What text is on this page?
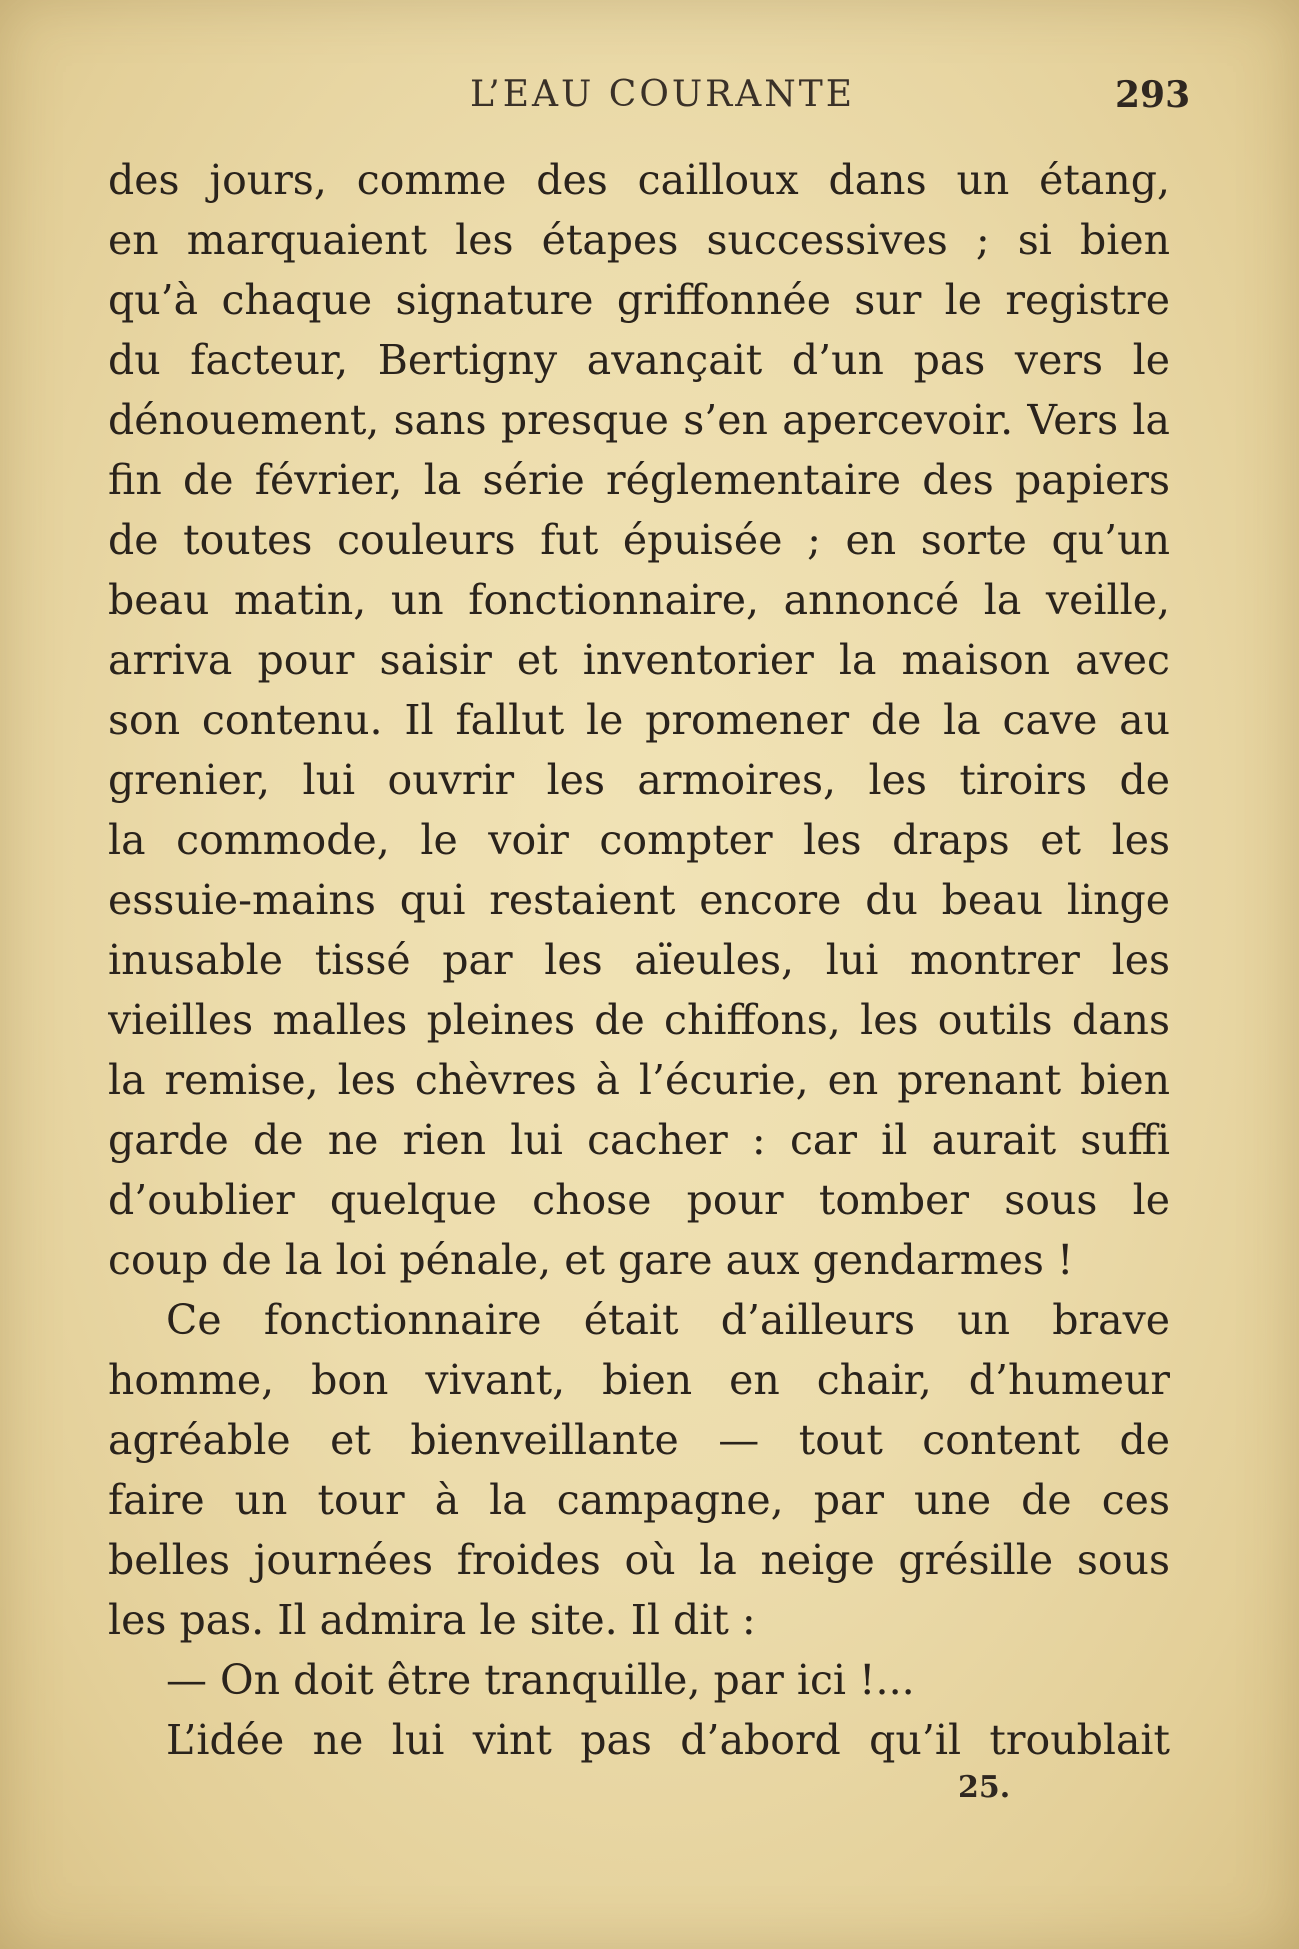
L’EAU COURANTE	293
des jours, comme des cailloux dans un étang,
en marquaient les étapes successives ; si bien
qu’à chaque signature griffonnée sur le registre
du facteur, Bertigny avançait d’un pas vers le
dénouement, sans presque s’en apercevoir. Vers la
fin de février, la série réglementaire des papiers
de toutes couleurs fut épuisée ; en sorte qu’un
beau matin, un fonctionnaire, annoncé la veille,
arriva pour saisir et inventorier la maison avec
son contenu. Il fallut le promener de la cave au
grenier, lui ouvrir les armoires, les tiroirs de
la commode, le voir compter les draps et les
essuie-mains qui restaient encore du beau linge
inusable tissé par les aïeules, lui montrer les
vieilles malles pleines de chiffons, les outils dans
la remise, les chèvres à l’écurie, en prenant bien
garde de ne rien lui cacher : car il aurait suffi
d’oublier quelque chose pour tomber sous le
coup de la loi pénale, et gare aux gendarmes !
Ce fonctionnaire était d’ailleurs un brave
homme, bon vivant, bien en chair, d’humeur
agréable et bienveillante — tout content de
faire un tour à la campagne, par une de ces
belles journées froides où la neige grésille sous
les pas. Il admira le site. Il dit :
— On doit être tranquille, par ici !...
L’idée ne lui vint pas d’abord qu’il troublait
25.
